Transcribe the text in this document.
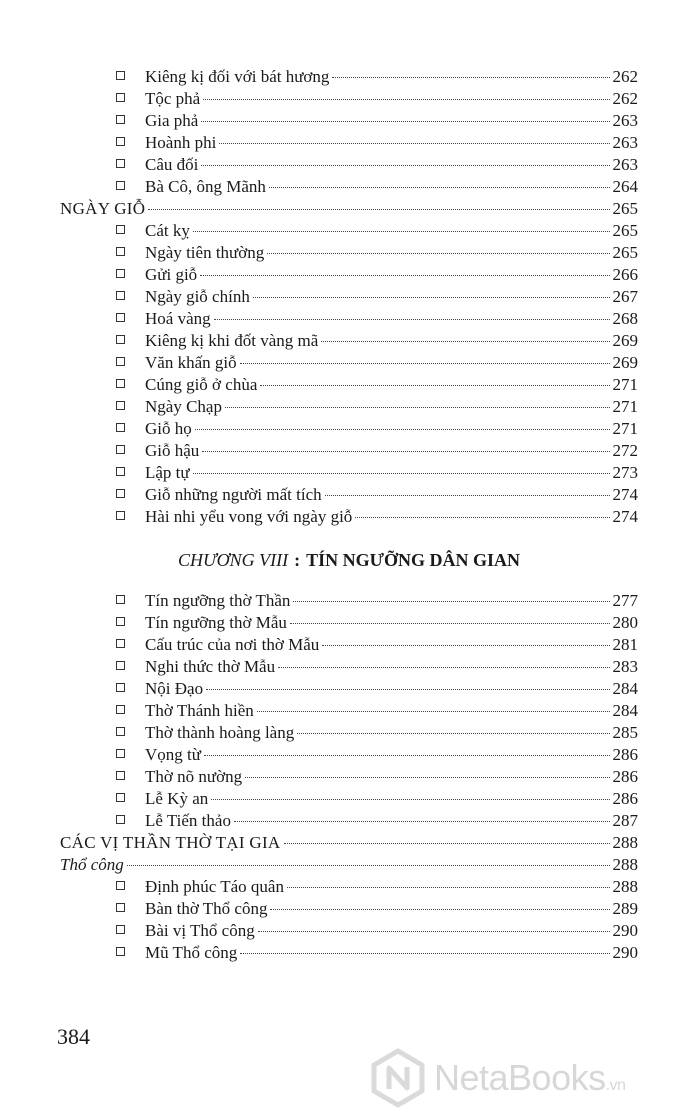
Kiêng kị đối với bát hương	262
Tộc phả	262
Gia phả	263
Hoành phi	263
Câu đối	263
Bà Cô, ông Mãnh	264
NGÀY GIỖ	265
Cát kỵ	265
Ngày tiên thường	265
Gửi giỗ	266
Ngày giỗ chính	267
Hoá vàng	268
Kiêng kị khi đốt vàng mã	269
Văn khấn giỗ	269
Cúng giỗ ở chùa	271
Ngày Chạp	271
Giỗ họ	271
Giỗ hậu	272
Lập tự	273
Giỗ những người mất tích	274
Hài nhi yểu vong với ngày giỗ	274
CHƯƠNG VIII : TÍN NGƯỠNG DÂN GIAN
Tín ngưỡng thờ Thần	277
Tín ngưỡng thờ Mẫu	280
Cấu trúc của nơi thờ Mẫu	281
Nghi thức thờ Mẫu	283
Nội Đạo	284
Thờ Thánh hiền	284
Thờ thành hoàng làng	285
Vọng từ	286
Thờ nõ nường	286
Lễ Kỳ an	286
Lễ Tiến thảo	287
CÁC VỊ THẦN THỜ TẠI GIA	288
Thổ công	288
Định phúc Táo quân	288
Bàn thờ Thổ công	289
Bài vị Thổ công	290
Mũ Thổ công	290
384
NetaBooks.vn
